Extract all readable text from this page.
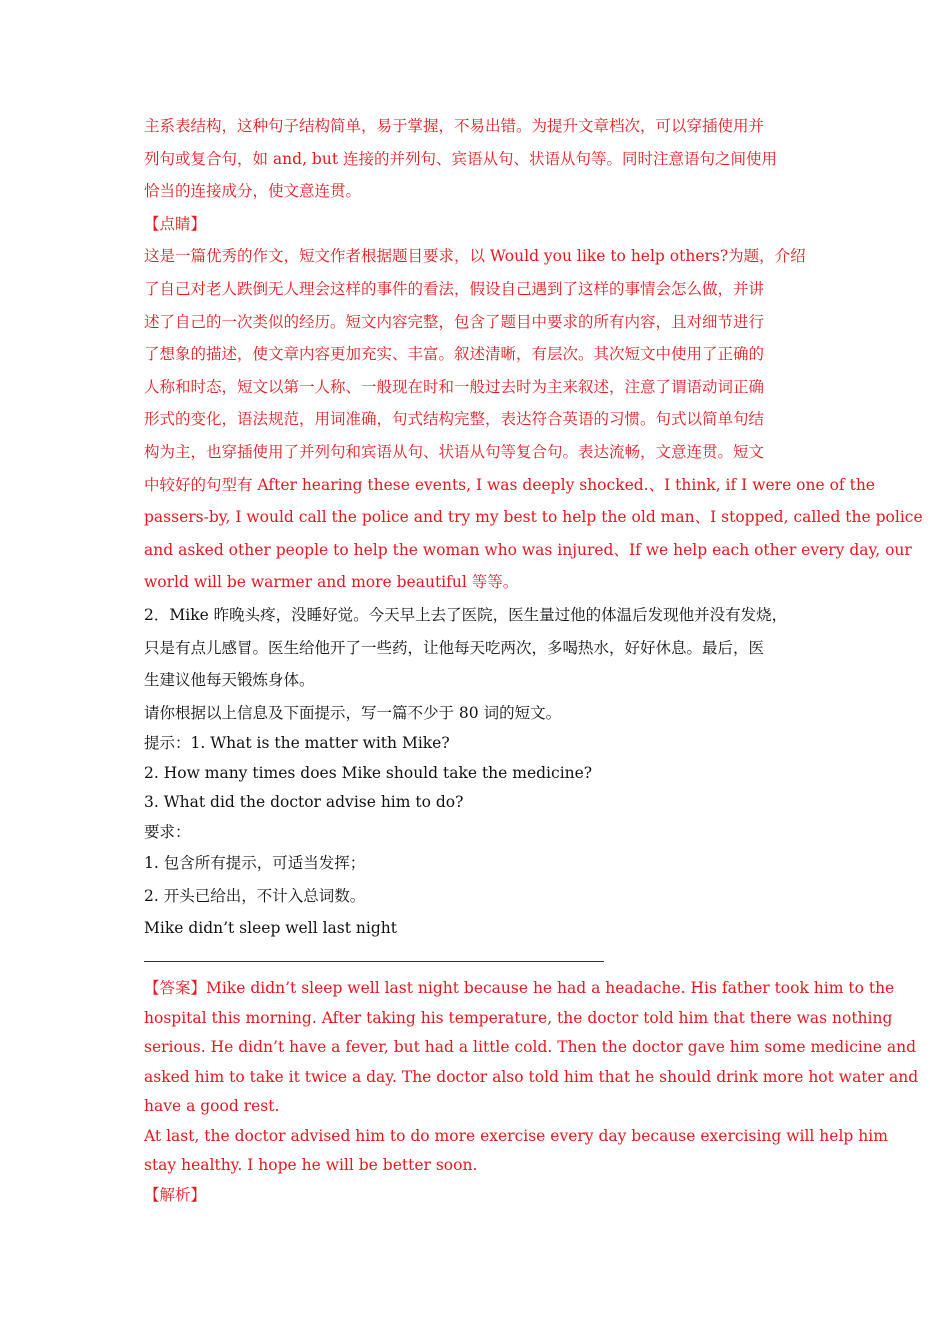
主系表结构，这种句子结构简单，易于掌握，不易出错。为提升文章档次，可以穿插使用并
列句或复合句，如 and, but 连接的并列句、宾语从句、状语从句等。同时注意语句之间使用
恰当的连接成分，使文意连贯。
【点睛】
这是一篇优秀的作文，短文作者根据题目要求，以 Would you like to help others?为题，介绍
了自己对老人跌倒无人理会这样的事件的看法，假设自己遇到了这样的事情会怎么做，并讲
述了自己的一次类似的经历。短文内容完整，包含了题目中要求的所有内容，且对细节进行
了想象的描述，使文章内容更加充实、丰富。叙述清晰，有层次。其次短文中使用了正确的
人称和时态，短文以第一人称、一般现在时和一般过去时为主来叙述，注意了谓语动词正确
形式的变化，语法规范，用词准确，句式结构完整，表达符合英语的习惯。句式以简单句结
构为主，也穿插使用了并列句和宾语从句、状语从句等复合句。表达流畅，文意连贯。短文
中较好的句型有 After hearing these events, I was deeply shocked.、I think, if I were one of the
passers-by, I would call the police and try my best to help the old man、I stopped, called the police
and asked other people to help the woman who was injured、If we help each other every day, our
world will be warmer and more beautiful 等等。
2．Mike 昨晚头疼，没睡好觉。今天早上去了医院，医生量过他的体温后发现他并没有发烧，
只是有点儿感冒。医生给他开了一些药，让他每天吃两次，多喝热水，好好休息。最后，医
生建议他每天锻炼身体。
请你根据以上信息及下面提示，写一篇不少于 80 词的短文。
提示：1. What is the matter with Mike?
2. How many times does Mike should take the medicine?
3. What did the doctor advise him to do?
要求：
1. 包含所有提示，可适当发挥；
2. 开头已给出，不计入总词数。
Mike didn’t sleep well last night
【答案】Mike didn’t sleep well last night because he had a headache. His father took him to the
hospital this morning. After taking his temperature, the doctor told him that there was nothing
serious. He didn’t have a fever, but had a little cold. Then the doctor gave him some medicine and
asked him to take it twice a day. The doctor also told him that he should drink more hot water and
have a good rest.
At last, the doctor advised him to do more exercise every day because exercising will help him
stay healthy. I hope he will be better soon.
【解析】
